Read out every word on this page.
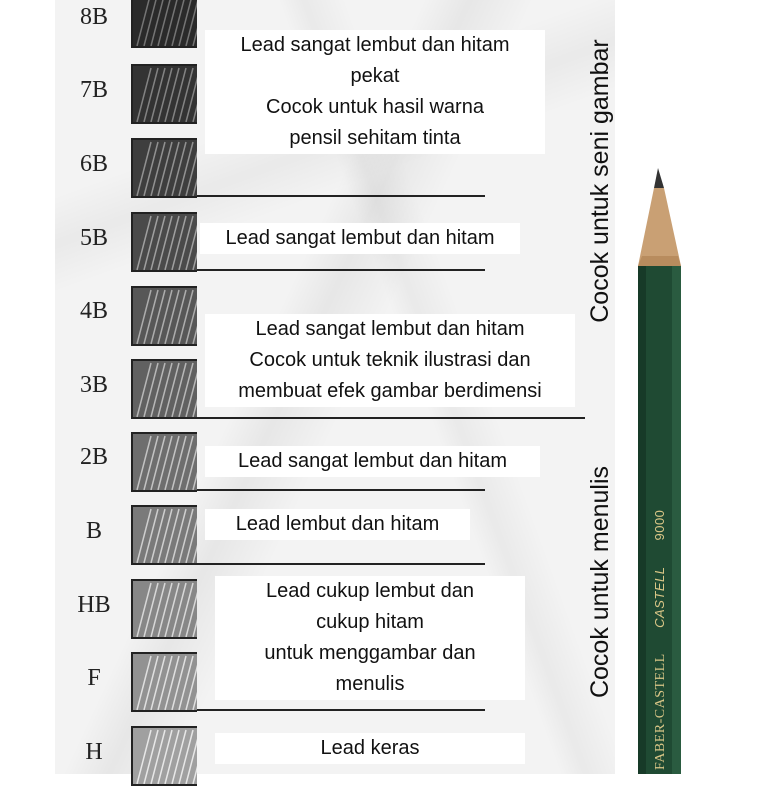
8B
7B
6B
5B
4B
3B
2B
B
HB
F
H
Lead sangat lembut dan hitam
pekat
Cocok untuk hasil warna
pensil sehitam tinta
Lead sangat lembut dan hitam
Lead sangat lembut dan hitam
Cocok untuk teknik ilustrasi dan
membuat efek gambar berdimensi
Lead sangat lembut dan hitam
Lead lembut dan hitam
Lead cukup lembut dan
cukup hitam
untuk menggambar dan
menulis
Lead keras
Cocok untuk seni gambar
Cocok untuk menulis
FABER-CASTELL  CASTELL  9000
